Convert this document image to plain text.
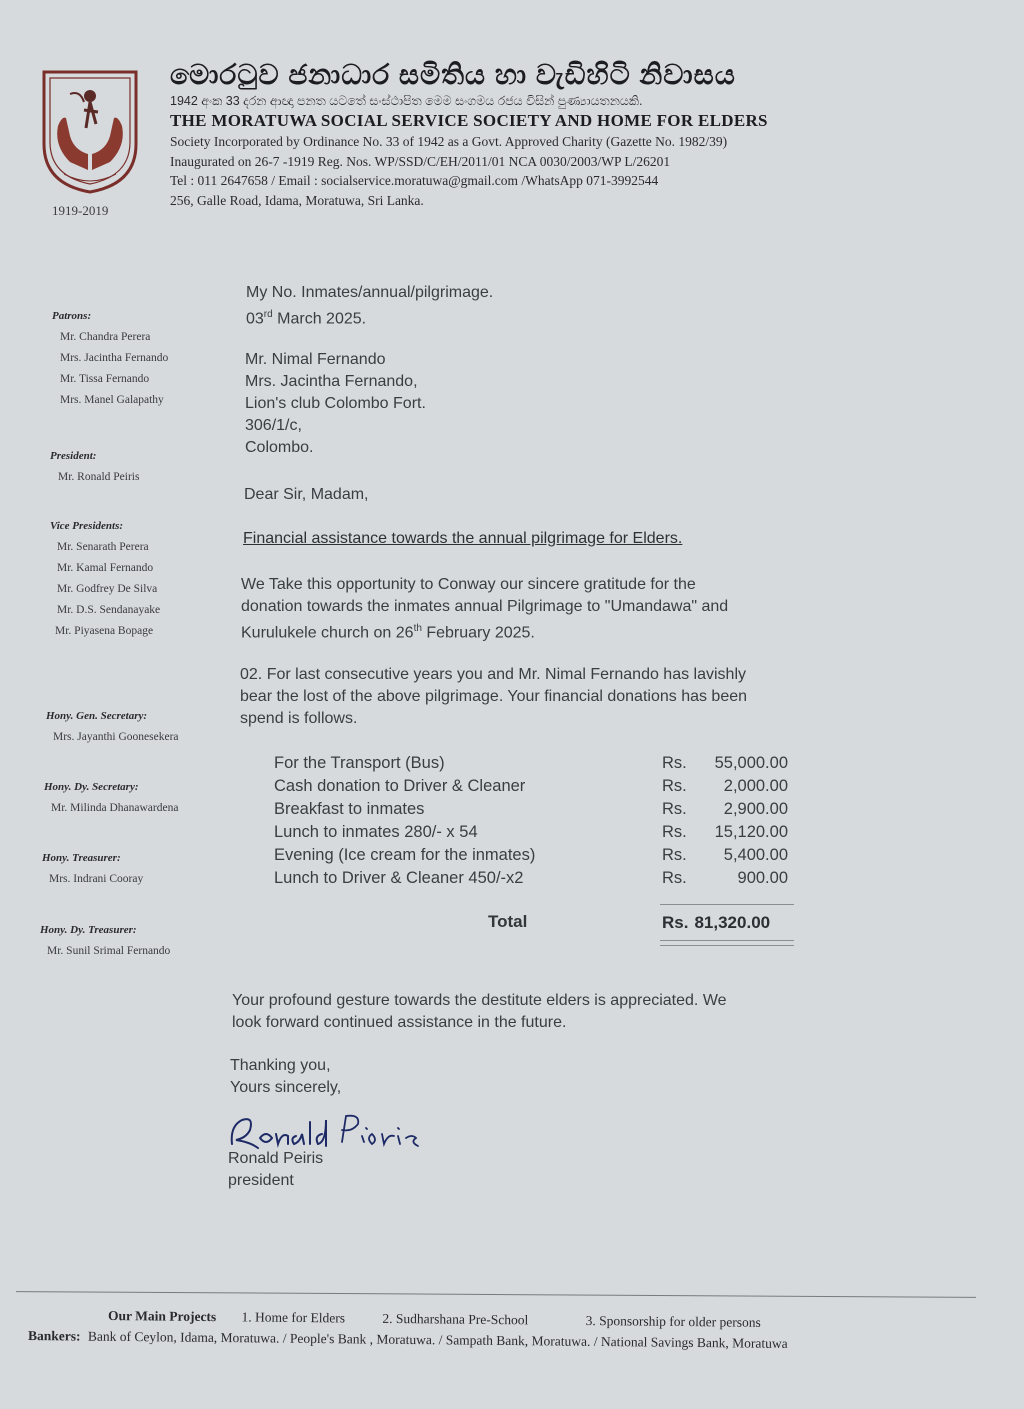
1919-2019
මොරටුව ජනාධාර සමිතිය හා වැඩිහිටි නිවාසය
1942 අංක 33 දරන ආඥා පනත යටතේ සංස්ථාපිත මෙම සංගමය රජය විසින් පුණ්‍යායතනයකි.
THE MORATUWA SOCIAL SERVICE SOCIETY AND HOME FOR ELDERS
Society Incorporated by Ordinance No. 33 of 1942 as a Govt. Approved Charity (Gazette No. 1982/39)
Inaugurated on 26-7 -1919 Reg. Nos. WP/SSD/C/EH/2011/01 NCA 0030/2003/WP L/26201
Tel : 011 2647658 / Email : socialservice.moratuwa@gmail.com /WhatsApp 071-3992544
256, Galle Road, Idama, Moratuwa, Sri Lanka.
Patrons:
Mr. Chandra Perera
Mrs. Jacintha Fernando
Mr. Tissa Fernando
Mrs. Manel Galapathy
President:
Mr. Ronald Peiris
Vice Presidents:
Mr. Senarath Perera
Mr. Kamal Fernando
Mr. Godfrey De Silva
Mr. D.S. Sendanayake
Mr. Piyasena Bopage
Hony. Gen. Secretary:
Mrs. Jayanthi Goonesekera
Hony. Dy. Secretary:
Mr. Milinda Dhanawardena
Hony. Treasurer:
Mrs. Indrani Cooray
Hony. Dy. Treasurer:
Mr. Sunil Srimal Fernando
My No. Inmates/annual/pilgrimage.
03rd March 2025.
Mr. Nimal Fernando
Mrs. Jacintha Fernando,
Lion's club Colombo Fort.
306/1/c,
Colombo.
Dear Sir, Madam,
Financial assistance towards the annual pilgrimage for Elders.
We Take this opportunity to Conway our sincere gratitude for the
donation towards the inmates annual Pilgrimage to "Umandawa" and
Kurulukele church on 26th February 2025.
02. For last consecutive years you and Mr. Nimal Fernando has lavishly
bear the lost of the above pilgrimage. Your financial donations has been
spend is follows.
For the Transport (Bus)	Rs.	55,000.00
Cash donation to Driver & Cleaner	Rs.	2,000.00
Breakfast to inmates	Rs.	2,900.00
Lunch to inmates 280/- x 54	Rs.	15,120.00
Evening (Ice cream for the inmates)	Rs.	5,400.00
Lunch to Driver & Cleaner 450/-x2	Rs.	900.00
Total	Rs. 81,320.00
Your profound gesture towards the destitute elders is appreciated. We
look forward continued assistance in the future.
Thanking you,
Yours sincerely,
Ronald Peiris
president
Our Main Projects 1. Home for Elders	2. Sudharshana Pre-School	3. Sponsorship for older persons
Bankers: Bank of Ceylon, Idama, Moratuwa. / People's Bank , Moratuwa. / Sampath Bank, Moratuwa. / National Savings Bank, Moratuwa
